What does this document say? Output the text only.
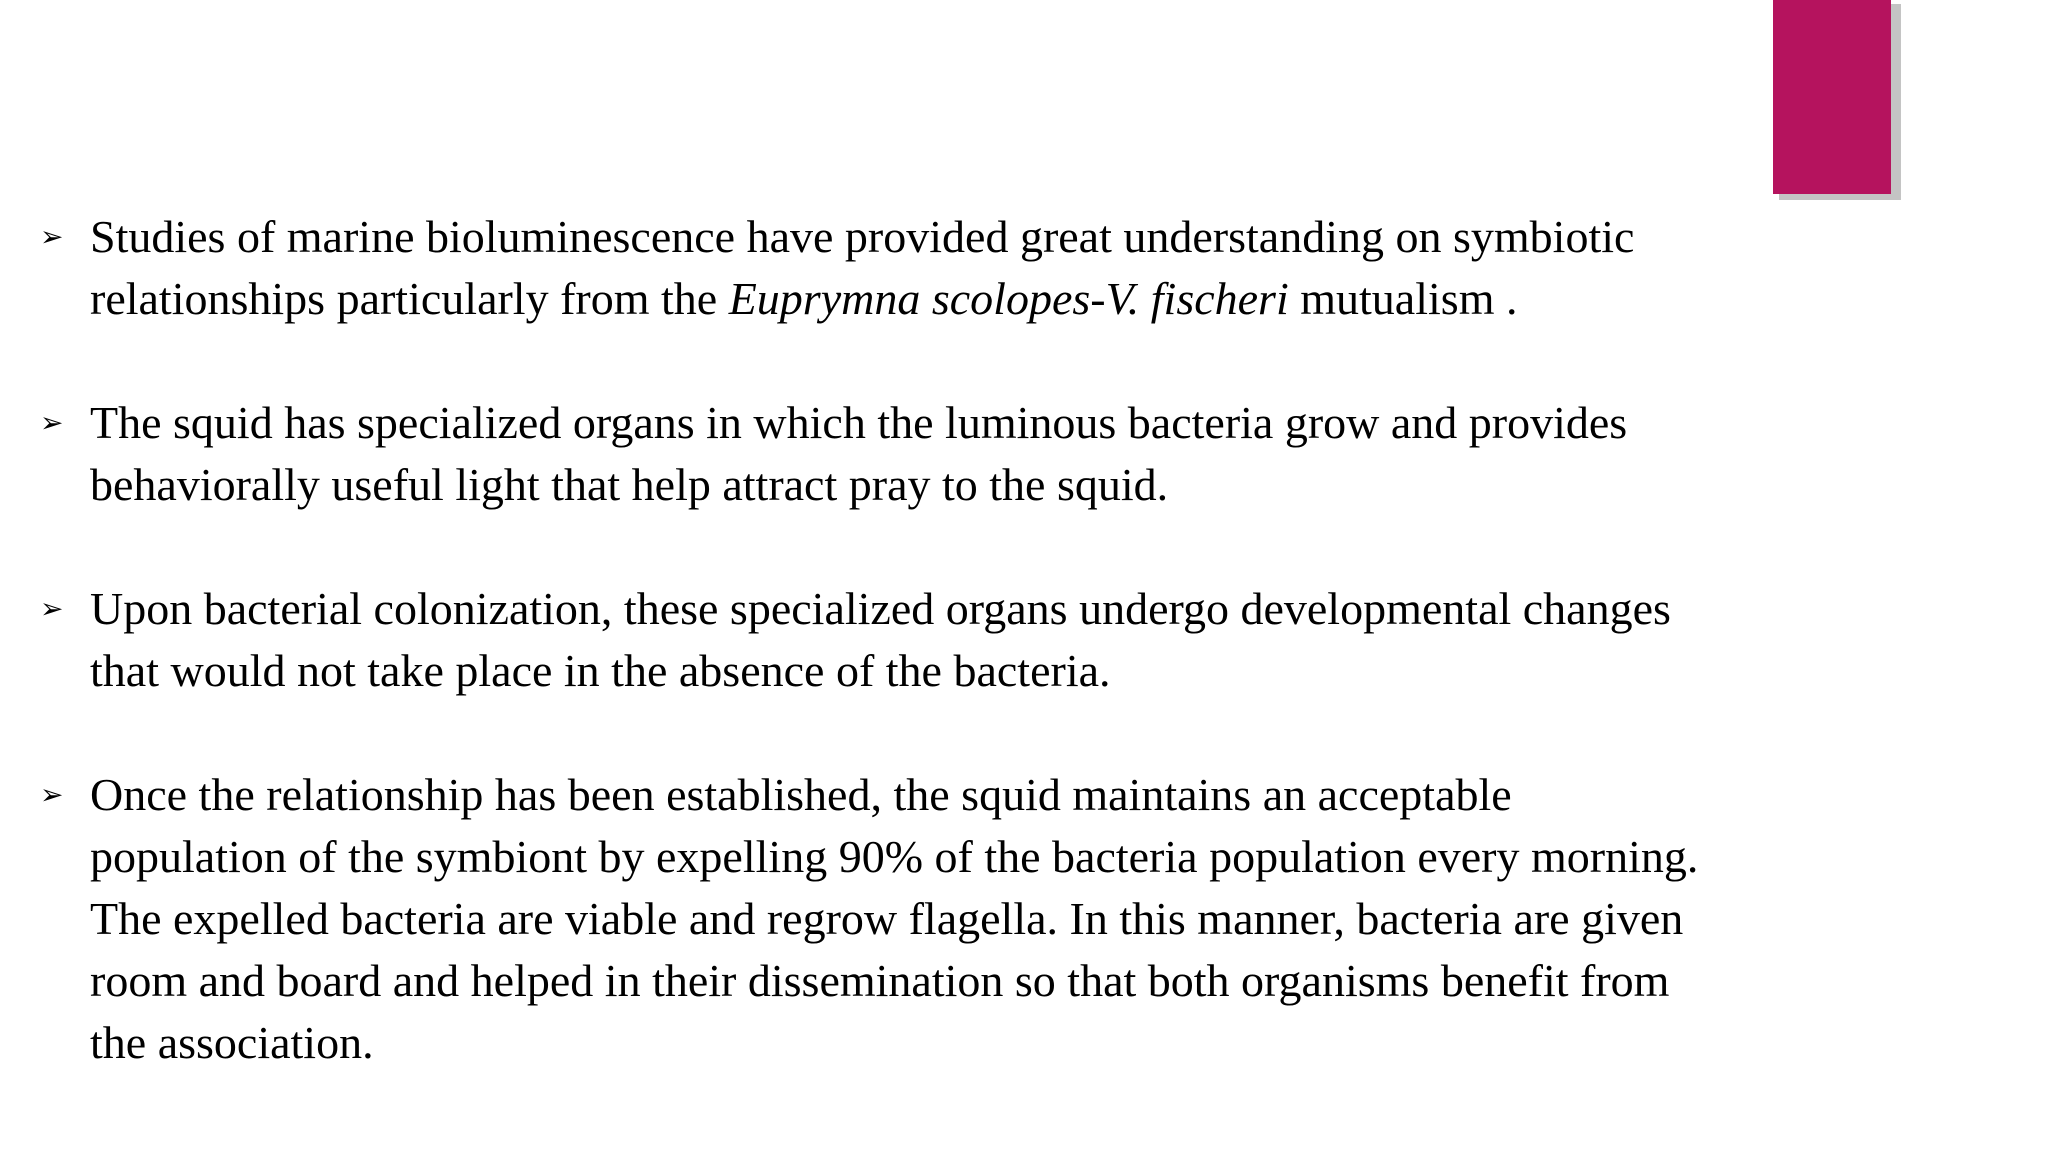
➢ Studies of marine bioluminescence have provided great understanding on symbiotic
relationships particularly from the Euprymna scolopes-V. fischeri mutualism .
➢ The squid has specialized organs in which the luminous bacteria grow and provides
behaviorally useful light that help attract pray to the squid.
➢ Upon bacterial colonization, these specialized organs undergo developmental changes
that would not take place in the absence of the bacteria.
➢ Once the relationship has been established, the squid maintains an acceptable
population of the symbiont by expelling 90% of the bacteria population every morning.
The expelled bacteria are viable and regrow flagella. In this manner, bacteria are given
room and board and helped in their dissemination so that both organisms benefit from
the association.
